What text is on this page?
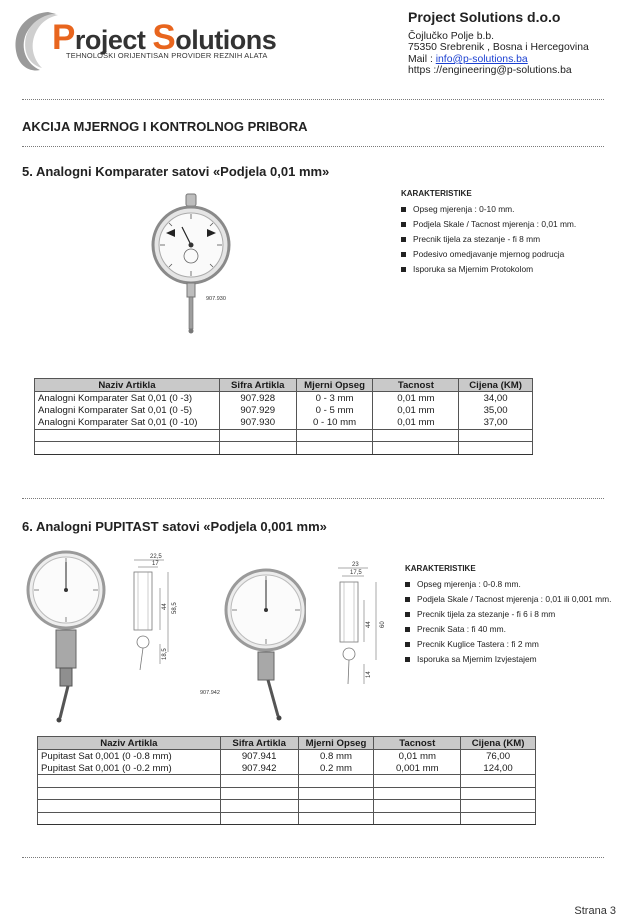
Project Solutions
TEHNOLOŠKI ORIJENTISAN PROVIDER REZNIH ALATA
Project Solutions d.o.o
Čojlučko Polje b.b.
75350 Srebrenik , Bosna i Hercegovina
Mail : info@p-solutions.ba
https ://engineering@p-solutions.ba
AKCIJA MJERNOG I KONTROLNOG PRIBORA
5. Analogni Komparater satovi «Podjela 0,01 mm»
907.930
KARAKTERISTIKE
Opseg mjerenja : 0-10 mm.
Podjela Skale / Tacnost mjerenja : 0,01 mm.
Precnik tijela za stezanje - fi 8 mm
Podesivo omedjavanje mjernog podrucja
Isporuka sa Mjernim Protokolom
Naziv Artikla	Sifra Artikla	Mjerni Opseg	Tacnost	Cijena (KM)
Analogni Komparater Sat 0,01 (0 -3)	907.928	0 - 3 mm	0,01 mm	34,00
Analogni Komparater Sat 0,01 (0 -5)	907.929	0 - 5 mm	0,01 mm	35,00
Analogni Komparater Sat 0,01 (0 -10)	907.930	0 - 10 mm	0,01 mm	37,00

6. Analogni PUPITAST satovi «Podjela 0,001 mm»
22,5
17
58,5
44
18,5
907.942
23
17,5
44 60
14
KARAKTERISTIKE
Opseg mjerenja : 0-0.8 mm.
Podjela Skale / Tacnost mjerenja : 0,01 ili 0,001 mm.
Precnik tijela za stezanje - fi 6 i 8 mm
Precnik Sata : fi 40 mm.
Precnik Kuglice Tastera : fi 2 mm
Isporuka sa Mjernim Izvjestajem
Naziv Artikla	Sifra Artikla	Mjerni Opseg	Tacnost	Cijena (KM)
Pupitast Sat 0,001 (0 -0.8 mm)	907.941	0.8 mm	0,01 mm	76,00
Pupitast Sat 0,001 (0 -0.2 mm)	907.942	0.2 mm	0,001 mm	124,00

Strana 3
